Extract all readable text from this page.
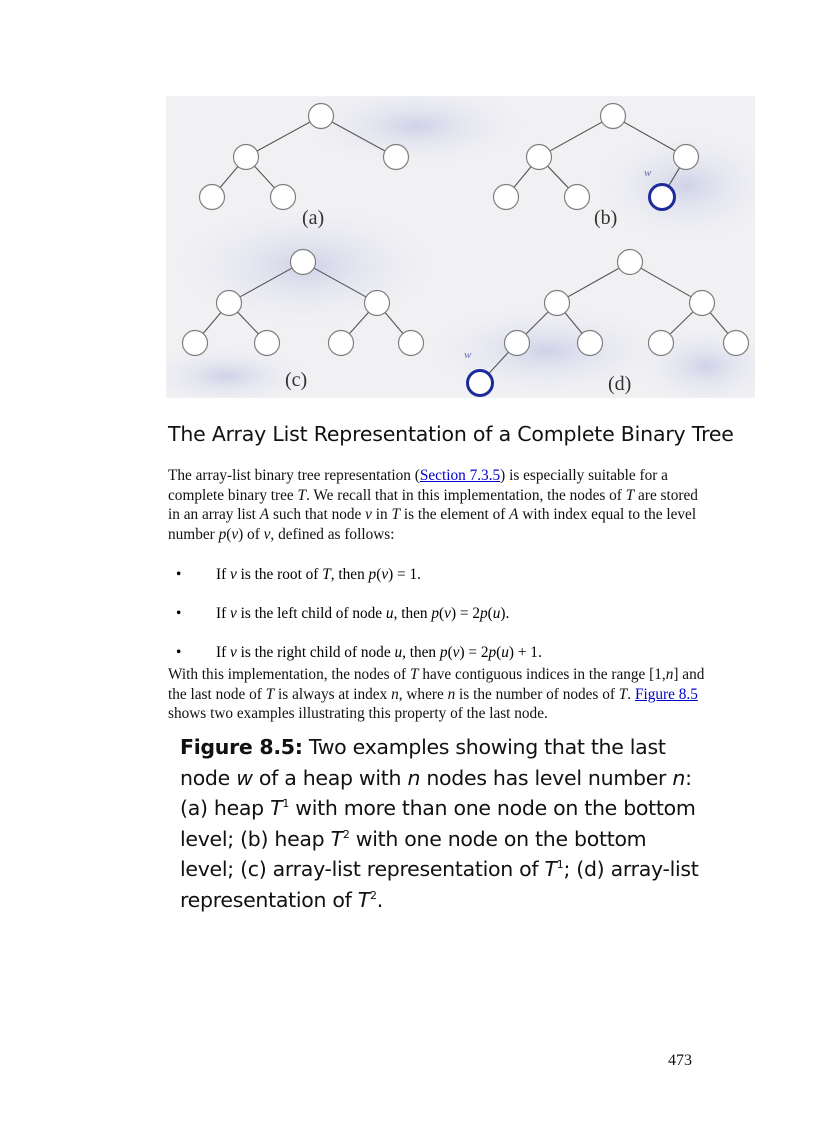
(a)
w
(b)
(c)
w
(d)
The Array List Representation of a Complete Binary Tree

The array-list binary tree representation (Section 7.3.5) is especially suitable for a complete binary tree T. We recall that in this implementation, the nodes of T are stored in an array list A such that node v in T is the element of A with index equal to the level number p(v) of v, defined as follows:

• If v is the root of T, then p(v) = 1.
• If v is the left child of node u, then p(v) = 2p(u).
• If v is the right child of node u, then p(v) = 2p(u) + 1.

With this implementation, the nodes of T have contiguous indices in the range [1,n] and the last node of T is always at index n, where n is the number of nodes of T. Figure 8.5 shows two examples illustrating this property of the last node.

Figure 8.5: Two examples showing that the last node w of a heap with n nodes has level number n: (a) heap $T^1$ with more than one node on the bottom level; (b) heap $T^2$ with one node on the bottom level; (c) array-list representation of $T^1$; (d) array-list representation of $T^2$.

473
